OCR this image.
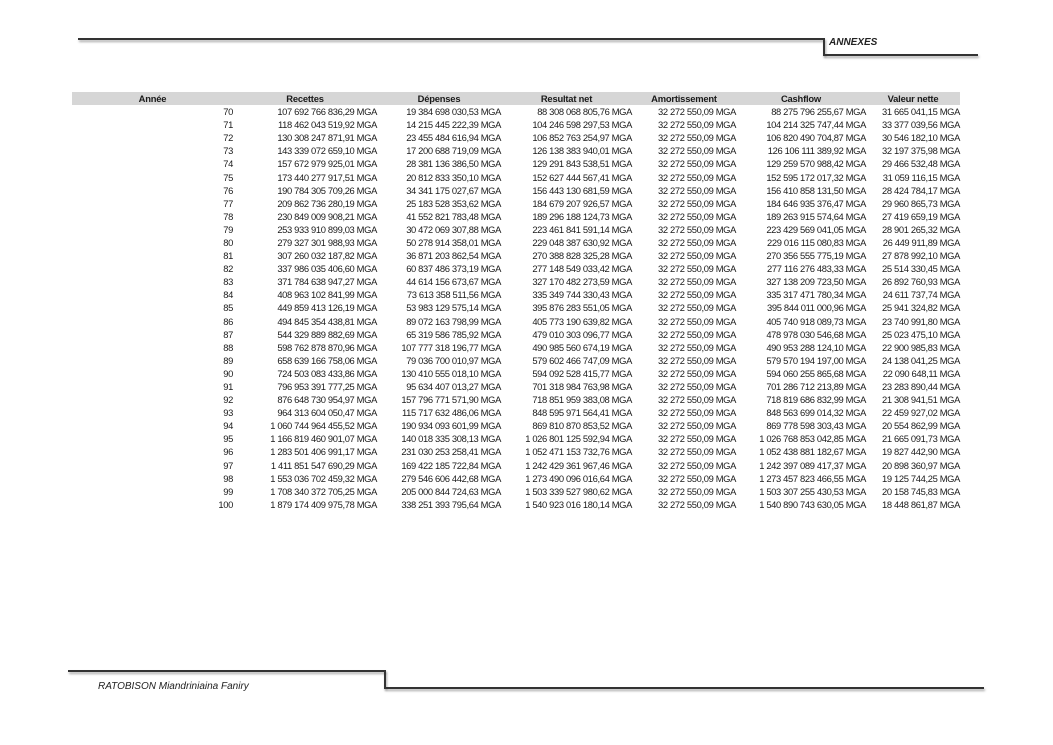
ANNEXES
Année	Recettes	Dépenses	Resultat net	Amortissement	Cashflow	Valeur nette
70	107 692 766 836,29 MGA	19 384 698 030,53 MGA	88 308 068 805,76 MGA	32 272 550,09 MGA	88 275 796 255,67 MGA	31 665 041,15 MGA
71	118 462 043 519,92 MGA	14 215 445 222,39 MGA	104 246 598 297,53 MGA	32 272 550,09 MGA	104 214 325 747,44 MGA	33 377 039,56 MGA
72	130 308 247 871,91 MGA	23 455 484 616,94 MGA	106 852 763 254,97 MGA	32 272 550,09 MGA	106 820 490 704,87 MGA	30 546 182,10 MGA
73	143 339 072 659,10 MGA	17 200 688 719,09 MGA	126 138 383 940,01 MGA	32 272 550,09 MGA	126 106 111 389,92 MGA	32 197 375,98 MGA
74	157 672 979 925,01 MGA	28 381 136 386,50 MGA	129 291 843 538,51 MGA	32 272 550,09 MGA	129 259 570 988,42 MGA	29 466 532,48 MGA
75	173 440 277 917,51 MGA	20 812 833 350,10 MGA	152 627 444 567,41 MGA	32 272 550,09 MGA	152 595 172 017,32 MGA	31 059 116,15 MGA
76	190 784 305 709,26 MGA	34 341 175 027,67 MGA	156 443 130 681,59 MGA	32 272 550,09 MGA	156 410 858 131,50 MGA	28 424 784,17 MGA
77	209 862 736 280,19 MGA	25 183 528 353,62 MGA	184 679 207 926,57 MGA	32 272 550,09 MGA	184 646 935 376,47 MGA	29 960 865,73 MGA
78	230 849 009 908,21 MGA	41 552 821 783,48 MGA	189 296 188 124,73 MGA	32 272 550,09 MGA	189 263 915 574,64 MGA	27 419 659,19 MGA
79	253 933 910 899,03 MGA	30 472 069 307,88 MGA	223 461 841 591,14 MGA	32 272 550,09 MGA	223 429 569 041,05 MGA	28 901 265,32 MGA
80	279 327 301 988,93 MGA	50 278 914 358,01 MGA	229 048 387 630,92 MGA	32 272 550,09 MGA	229 016 115 080,83 MGA	26 449 911,89 MGA
81	307 260 032 187,82 MGA	36 871 203 862,54 MGA	270 388 828 325,28 MGA	32 272 550,09 MGA	270 356 555 775,19 MGA	27 878 992,10 MGA
82	337 986 035 406,60 MGA	60 837 486 373,19 MGA	277 148 549 033,42 MGA	32 272 550,09 MGA	277 116 276 483,33 MGA	25 514 330,45 MGA
83	371 784 638 947,27 MGA	44 614 156 673,67 MGA	327 170 482 273,59 MGA	32 272 550,09 MGA	327 138 209 723,50 MGA	26 892 760,93 MGA
84	408 963 102 841,99 MGA	73 613 358 511,56 MGA	335 349 744 330,43 MGA	32 272 550,09 MGA	335 317 471 780,34 MGA	24 611 737,74 MGA
85	449 859 413 126,19 MGA	53 983 129 575,14 MGA	395 876 283 551,05 MGA	32 272 550,09 MGA	395 844 011 000,96 MGA	25 941 324,82 MGA
86	494 845 354 438,81 MGA	89 072 163 798,99 MGA	405 773 190 639,82 MGA	32 272 550,09 MGA	405 740 918 089,73 MGA	23 740 991,80 MGA
87	544 329 889 882,69 MGA	65 319 586 785,92 MGA	479 010 303 096,77 MGA	32 272 550,09 MGA	478 978 030 546,68 MGA	25 023 475,10 MGA
88	598 762 878 870,96 MGA	107 777 318 196,77 MGA	490 985 560 674,19 MGA	32 272 550,09 MGA	490 953 288 124,10 MGA	22 900 985,83 MGA
89	658 639 166 758,06 MGA	79 036 700 010,97 MGA	579 602 466 747,09 MGA	32 272 550,09 MGA	579 570 194 197,00 MGA	24 138 041,25 MGA
90	724 503 083 433,86 MGA	130 410 555 018,10 MGA	594 092 528 415,77 MGA	32 272 550,09 MGA	594 060 255 865,68 MGA	22 090 648,11 MGA
91	796 953 391 777,25 MGA	95 634 407 013,27 MGA	701 318 984 763,98 MGA	32 272 550,09 MGA	701 286 712 213,89 MGA	23 283 890,44 MGA
92	876 648 730 954,97 MGA	157 796 771 571,90 MGA	718 851 959 383,08 MGA	32 272 550,09 MGA	718 819 686 832,99 MGA	21 308 941,51 MGA
93	964 313 604 050,47 MGA	115 717 632 486,06 MGA	848 595 971 564,41 MGA	32 272 550,09 MGA	848 563 699 014,32 MGA	22 459 927,02 MGA
94	1 060 744 964 455,52 MGA	190 934 093 601,99 MGA	869 810 870 853,52 MGA	32 272 550,09 MGA	869 778 598 303,43 MGA	20 554 862,99 MGA
95	1 166 819 460 901,07 MGA	140 018 335 308,13 MGA	1 026 801 125 592,94 MGA	32 272 550,09 MGA	1 026 768 853 042,85 MGA	21 665 091,73 MGA
96	1 283 501 406 991,17 MGA	231 030 253 258,41 MGA	1 052 471 153 732,76 MGA	32 272 550,09 MGA	1 052 438 881 182,67 MGA	19 827 442,90 MGA
97	1 411 851 547 690,29 MGA	169 422 185 722,84 MGA	1 242 429 361 967,46 MGA	32 272 550,09 MGA	1 242 397 089 417,37 MGA	20 898 360,97 MGA
98	1 553 036 702 459,32 MGA	279 546 606 442,68 MGA	1 273 490 096 016,64 MGA	32 272 550,09 MGA	1 273 457 823 466,55 MGA	19 125 744,25 MGA
99	1 708 340 372 705,25 MGA	205 000 844 724,63 MGA	1 503 339 527 980,62 MGA	32 272 550,09 MGA	1 503 307 255 430,53 MGA	20 158 745,83 MGA
100	1 879 174 409 975,78 MGA	338 251 393 795,64 MGA	1 540 923 016 180,14 MGA	32 272 550,09 MGA	1 540 890 743 630,05 MGA	18 448 861,87 MGA
RATOBISON Miandriniaina Faniry
